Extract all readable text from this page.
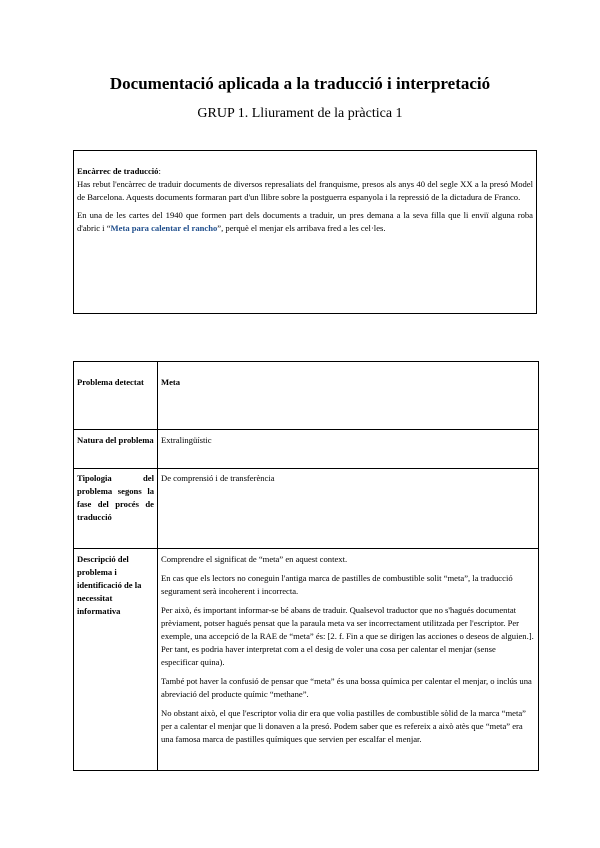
Documentació aplicada a la traducció i interpretació
GRUP 1. Lliurament de la pràctica 1

Encàrrec de traducció:

Has rebut l'encàrrec de traduir documents de diversos represaliats del franquisme, presos als anys 40 del segle XX a la presó Model de Barcelona. Aquests documents formaran part d'un llibre sobre la postguerra espanyola i la repressió de la dictadura de Franco.

En una de les cartes del 1940 que formen part dels documents a traduir, un pres demana a la seva filla que li enviï alguna roba d'abric i “Meta para calentar el rancho”, perquè el menjar els arribava fred a les cel·les.

Problema detectat	Meta
Natura del problema	Extralingüístic
Tipologia del problema segons la fase del procés de traducció	De comprensió i de transferència
Descripció del problema i identificació de la necessitat informativa	Comprendre el significat de “meta” en aquest context.

En cas que els lectors no coneguin l'antiga marca de pastilles de combustible solit “meta”, la traducció segurament serà incoherent i incorrecta.

Per això, és important informar-se bé abans de traduir. Qualsevol traductor que no s'hagués documentat prèviament, potser hagués pensat que la paraula meta va ser incorrectament utilitzada per l'escriptor. Per exemple, una accepció de la RAE de “meta” és: [2. f. Fin a que se dirigen las acciones o deseos de alguien.]. Per tant, es podria haver interpretat com a el desig de voler una cosa per calentar el menjar (sense especificar quina).

També pot haver la confusió de pensar que “meta” és una bossa química per calentar el menjar, o inclús una abreviació del producte químic “methane”.

No obstant això, el que l'escriptor volia dir era que volia pastilles de combustible sòlid de la marca “meta” per a calentar el menjar que li donaven a la presó. Podem saber que es refereix a això atès que “meta” era una famosa marca de pastilles químiques que servien per escalfar el menjar.
